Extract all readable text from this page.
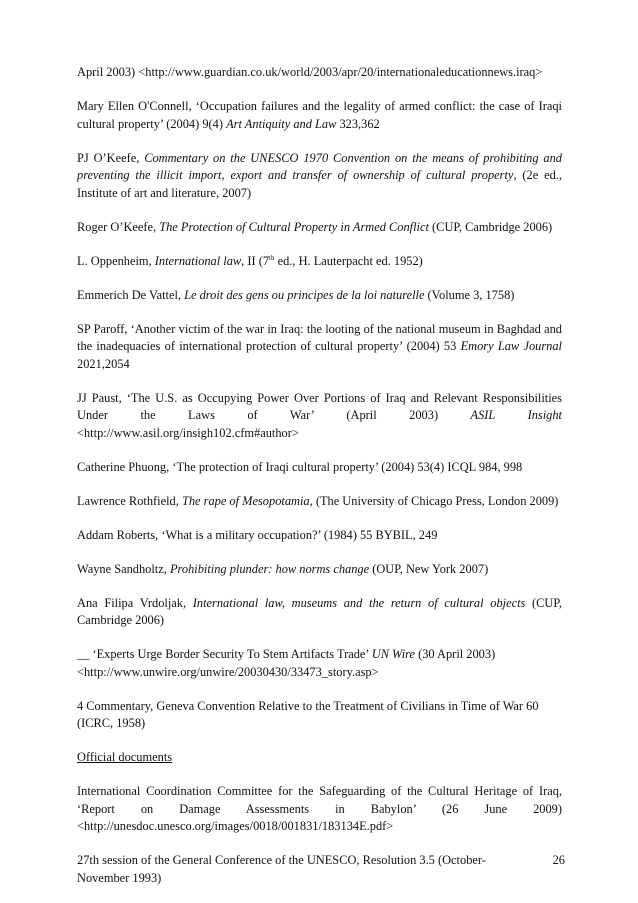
April 2003) <http://www.guardian.co.uk/world/2003/apr/20/internationaleducationnews.iraq>

Mary Ellen O'Connell, ‘Occupation failures and the legality of armed conflict: the case of Iraqi cultural property’ (2004) 9(4) Art Antiquity and Law 323,362

PJ O’Keefe, Commentary on the UNESCO 1970 Convention on the means of prohibiting and preventing the illicit import, export and transfer of ownership of cultural property, (2e ed., Institute of art and literature, 2007)

Roger O’Keefe, The Protection of Cultural Property in Armed Conflict (CUP, Cambridge 2006)

L. Oppenheim, International law, II (7th ed., H. Lauterpacht ed. 1952)

Emmerich De Vattel, Le droit des gens ou principes de la loi naturelle (Volume 3, 1758)

SP Paroff, ‘Another victim of the war in Iraq: the looting of the national museum in Baghdad and the inadequacies of international protection of cultural property’ (2004) 53 Emory Law Journal 2021,2054

JJ Paust, ‘The U.S. as Occupying Power Over Portions of Iraq and Relevant Responsibilities
Under the Laws of War’ (April 2003) ASIL Insight
<http://www.asil.org/insigh102.cfm#author>

Catherine Phuong, ‘The protection of Iraqi cultural property’ (2004) 53(4) ICQL 984, 998

Lawrence Rothfield, The rape of Mesopotamia, (The University of Chicago Press, London 2009)

Addam Roberts, ‘What is a military occupation?’ (1984) 55 BYBIL, 249

Wayne Sandholtz, Prohibiting plunder: how norms change (OUP, New York 2007)

Ana Filipa Vrdoljak, International law, museums and the return of cultural objects (CUP, Cambridge 2006)

__ ‘Experts Urge Border Security To Stem Artifacts Trade’ UN Wire (30 April 2003)
<http://www.unwire.org/unwire/20030430/33473_story.asp>

4 Commentary, Geneva Convention Relative to the Treatment of Civilians in Time of War 60
(ICRC, 1958)

Official documents

International Coordination Committee for the Safeguarding of the Cultural Heritage of Iraq,
‘Report on Damage Assessments in Babylon’ (26 June 2009)
<http://unesdoc.unesco.org/images/0018/001831/183134E.pdf>

27th session of the General Conference of the UNESCO, Resolution 3.5 (October-
November 1993)

26
